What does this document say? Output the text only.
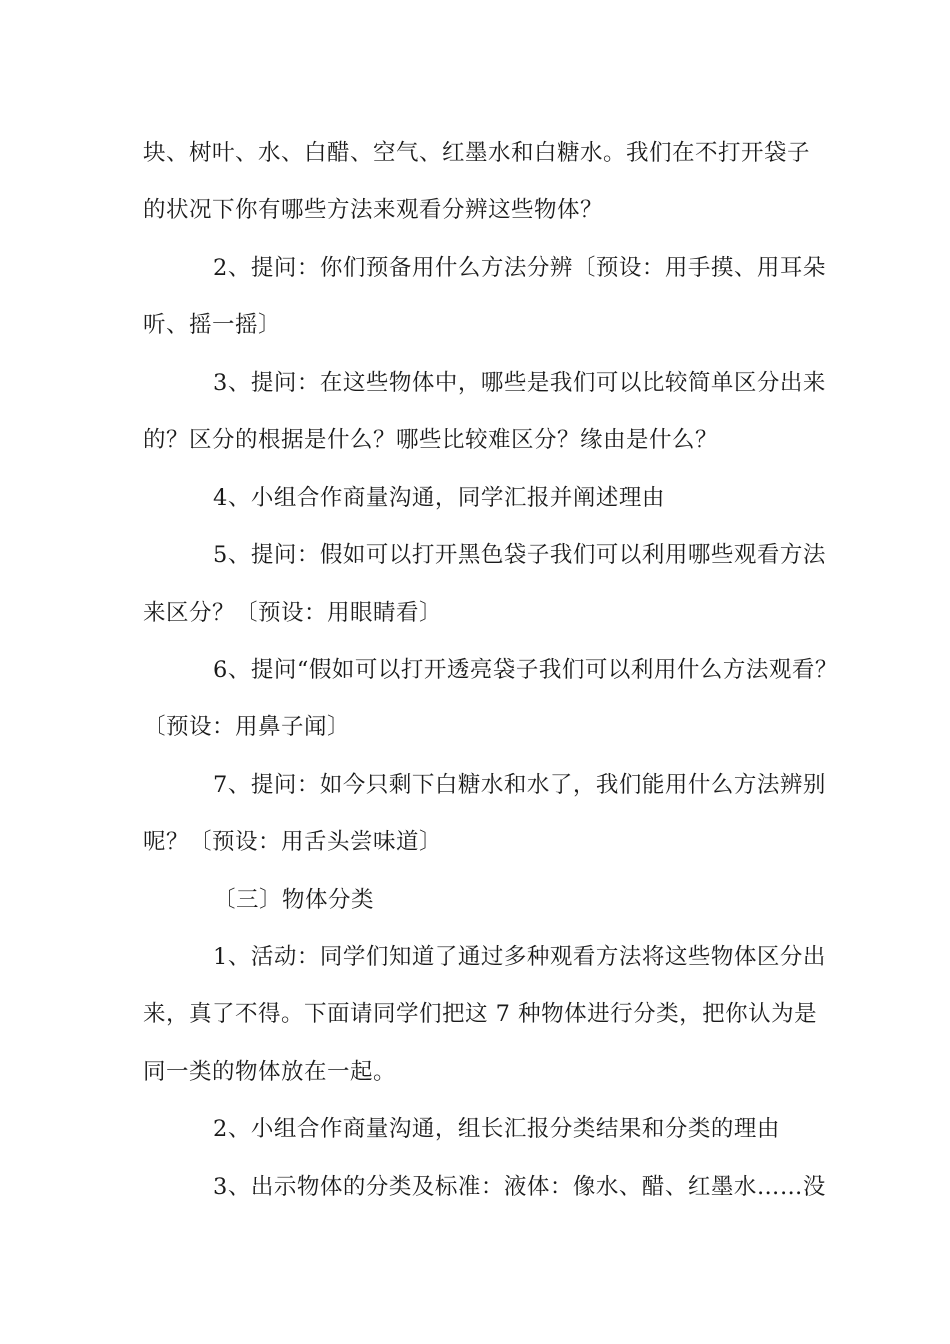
块、树叶、水、白醋、空气、红墨水和白糖水。我们在不打开袋子
的状况下你有哪些方法来观看分辨这些物体？
2、提问：你们预备用什么方法分辨〔预设：用手摸、用耳朵
听、摇一摇〕
3、提问：在这些物体中，哪些是我们可以比较简单区分出来
的？区分的根据是什么？哪些比较难区分？缘由是什么？
4、小组合作商量沟通，同学汇报并阐述理由
5、提问：假如可以打开黑色袋子我们可以利用哪些观看方法
来区分？〔预设：用眼睛看〕
6、提问“假如可以打开透亮袋子我们可以利用什么方法观看？
〔预设：用鼻子闻〕
7、提问：如今只剩下白糖水和水了，我们能用什么方法辨别
呢？〔预设：用舌头尝味道〕
〔三〕物体分类
1、活动：同学们知道了通过多种观看方法将这些物体区分出
来，真了不得。下面请同学们把这 7 种物体进行分类，把你认为是
同一类的物体放在一起。
2、小组合作商量沟通，组长汇报分类结果和分类的理由
3、出示物体的分类及标准：液体：像水、醋、红墨水……没
